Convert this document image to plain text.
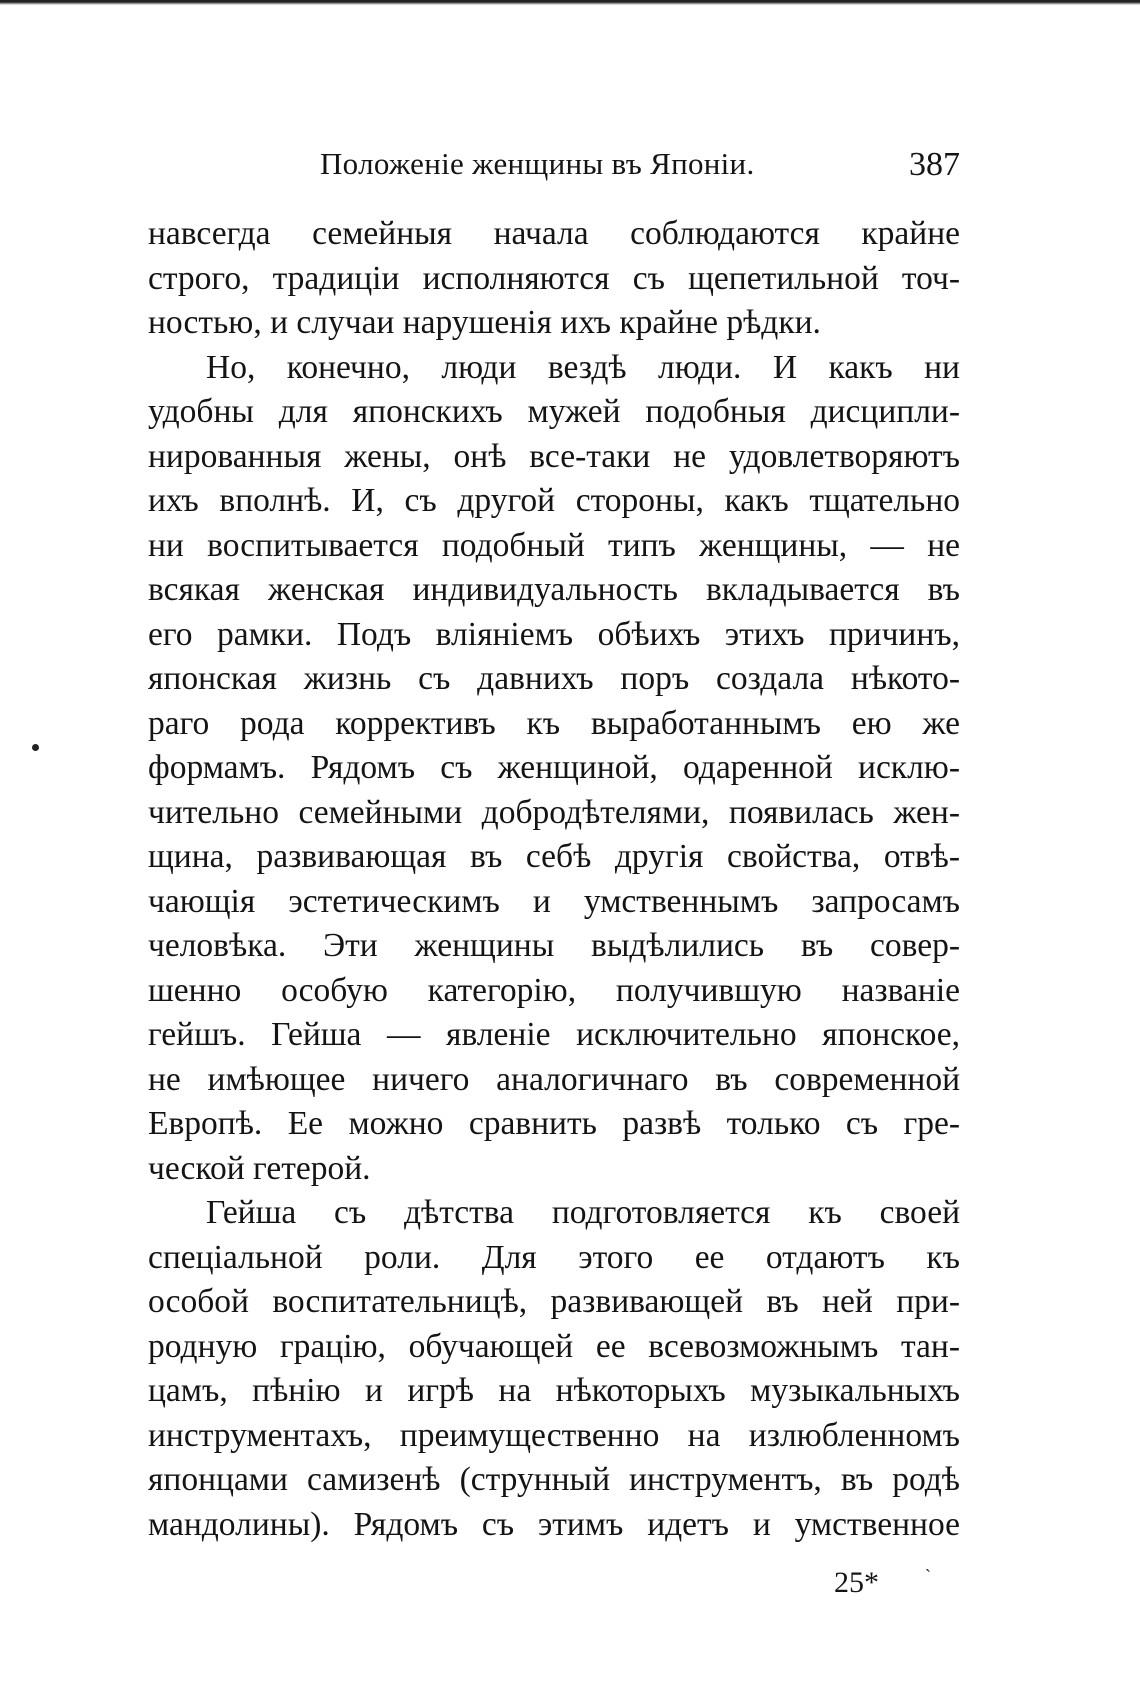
Положеніе женщины въ Японіи.	387
навсегда семейныя начала соблюдаются крайне
строго, традиціи исполняются съ щепетильной точ-
ностью, и случаи нарушенія ихъ крайне рѣдки.
Но, конечно, люди вездѣ люди. И какъ ни
удобны для японскихъ мужей подобныя дисципли-
нированныя жены, онѣ все-таки не удовлетворяютъ
ихъ вполнѣ. И, съ другой стороны, какъ тщательно
ни воспитывается подобный типъ женщины, — не
всякая женская индивидуальность вкладывается въ
его рамки. Подъ вліяніемъ обѣихъ этихъ причинъ,
японская жизнь съ давнихъ поръ создала нѣкото-
раго рода коррективъ къ выработаннымъ ею же
формамъ. Рядомъ съ женщиной, одаренной исклю-
чительно семейными добродѣтелями, появилась жен-
щина, развивающая въ себѣ другія свойства, отвѣ-
чающія эстетическимъ и умственнымъ запросамъ
человѣка. Эти женщины выдѣлились въ совер-
шенно особую категорію, получившую названіе
гейшъ. Гейша — явленіе исключительно японское,
не имѣющее ничего аналогичнаго въ современной
Европѣ. Ее можно сравнить развѣ только съ гре-
ческой гетерой.
Гейша съ дѣтства подготовляется къ своей
спеціальной роли. Для этого ее отдаютъ къ
особой воспитательницѣ, развивающей въ ней при-
родную грацію, обучающей ее всевозможнымъ тан-
цамъ, пѣнію и игрѣ на нѣкоторыхъ музыкальныхъ
инструментахъ, преимущественно на излюбленномъ
японцами самизенѣ (струнный инструментъ, въ родѣ
мандолины). Рядомъ съ этимъ идетъ и умственное
25*	ˋ
